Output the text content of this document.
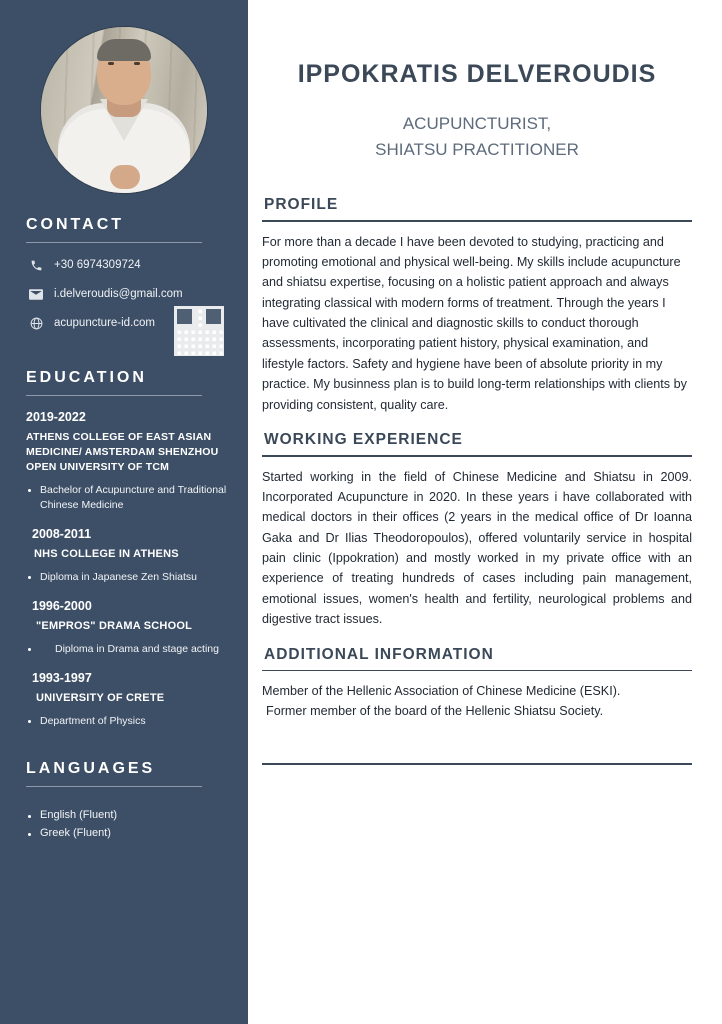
CONTACT
+30 6974309724
i.delveroudis@gmail.com
acupuncture-id.com
EDUCATION
2019-2022
ATHENS COLLEGE OF EAST ASIAN MEDICINE/ AMSTERDAM SHENZHOU OPEN UNIVERSITY OF TCM
Bachelor of Acupuncture and Traditional Chinese Medicine
2008-2011
NHS COLLEGE IN ATHENS
Diploma in Japanese Zen Shiatsu
1996-2000
"EMPROS" DRAMA SCHOOL
Diploma in Drama and stage acting
1993-1997
UNIVERSITY OF CRETE
Department of Physics
LANGUAGES
English (Fluent)
Greek (Fluent)
IPPOKRATIS DELVEROUDIS
ACUPUNCTURIST,
SHIATSU PRACTITIONER
PROFILE

For more than a decade I have been devoted to studying, practicing and promoting emotional and physical well-being. My skills include acupuncture and shiatsu expertise, focusing on a holistic patient approach and always integrating classical with modern forms of treatment. Through the years I have cultivated the clinical and diagnostic skills to conduct thorough assessments, incorporating patient history, physical examination, and lifestyle factors. Safety and hygiene have been of absolute priority in my practice. My businness plan is to build long-term relationships with clients by providing consistent, quality care.

WORKING EXPERIENCE

Started working in the field of Chinese Medicine and Shiatsu in 2009. Incorporated Acupuncture in 2020. In these years i have collaborated with medical doctors in their offices (2 years in the medical office of Dr Ioanna Gaka and Dr Ilias Theodoropoulos), offered voluntarily service in hospital pain clinic (Ippokration) and mostly worked in my private office with an experience of treating hundreds of cases including pain management, emotional issues, women's health and fertility, neurological problems and digestive tract issues.

ADDITIONAL INFORMATION
Member of the Hellenic Association of Chinese Medicine (ESKI).
Former member of the board of the Hellenic Shiatsu Society.
